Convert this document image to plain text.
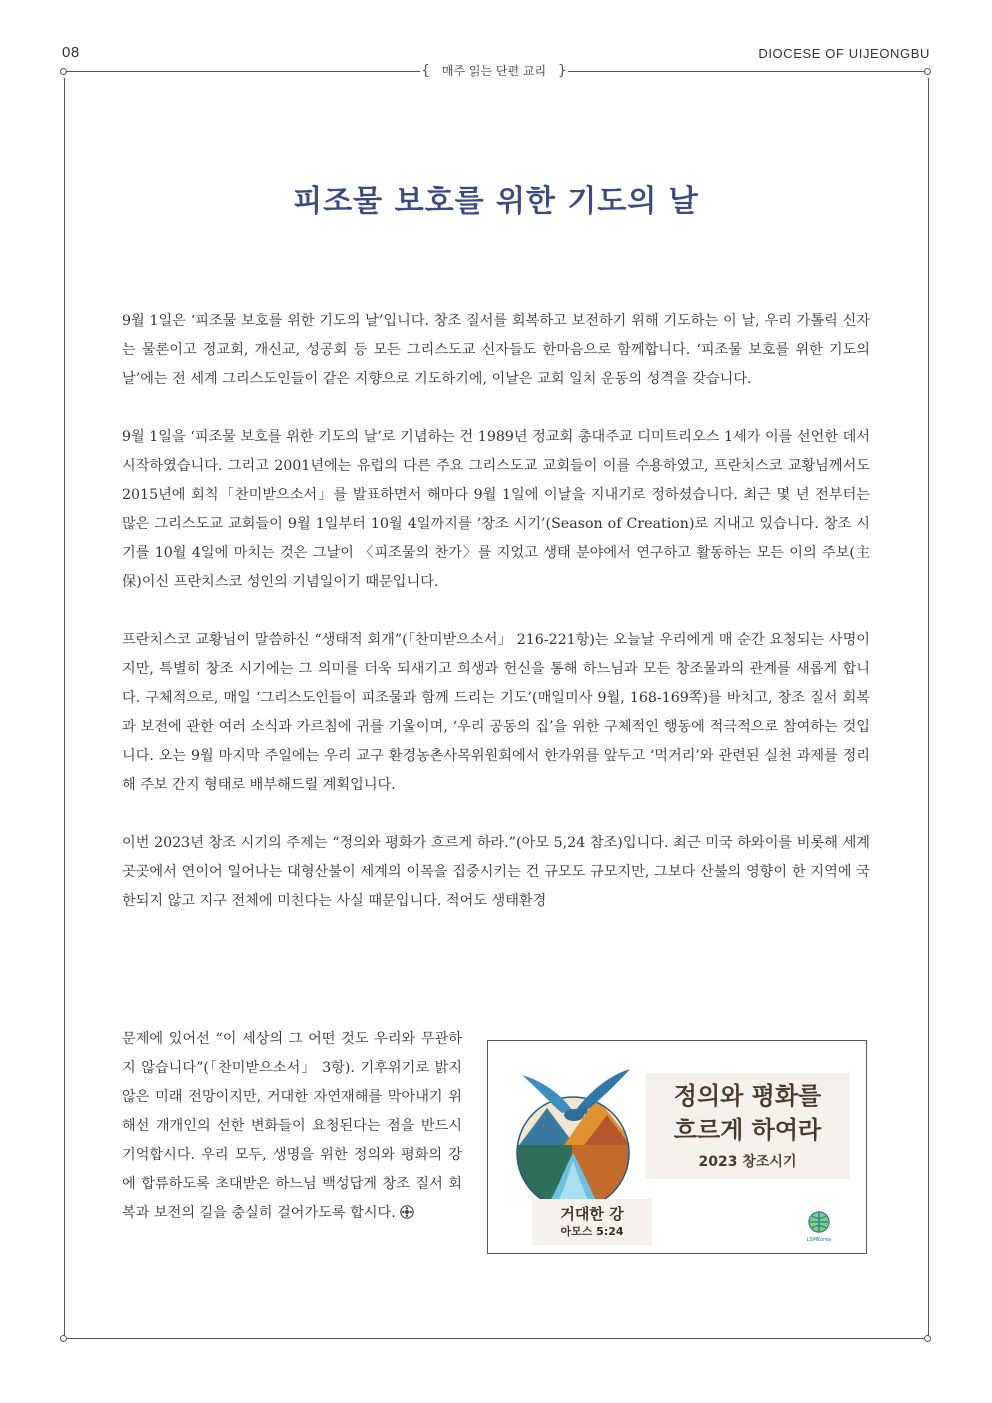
08	DIOCESE OF UIJEONGBU
{ 매주 읽는 단편 교리 }
피조물 보호를 위한 기도의 날

9월 1일은 ‘피조물 보호를 위한 기도의 날’입니다. 창조 질서를 회복하고 보전하기 위해 기도하는 이 날, 우리 가톨릭 신자는 물론이고 정교회, 개신교, 성공회 등 모든 그리스도교 신자들도 한마음으로 함께합니다. ‘피조물 보호를 위한 기도의 날’에는 전 세계 그리스도인들이 같은 지향으로 기도하기에, 이날은 교회 일치 운동의 성격을 갖습니다.

9월 1일을 ‘피조물 보호를 위한 기도의 날’로 기념하는 건 1989년 정교회 총대주교 디미트리오스 1세가 이를 선언한 데서 시작하였습니다. 그리고 2001년에는 유럽의 다른 주요 그리스도교 교회들이 이를 수용하였고, 프란치스코 교황님께서도 2015년에 회칙「찬미받으소서」를 발표하면서 해마다 9월 1일에 이날을 지내기로 정하셨습니다. 최근 몇 년 전부터는 많은 그리스도교 교회들이 9월 1일부터 10월 4일까지를 ‘창조 시기’(Season of Creation)로 지내고 있습니다. 창조 시기를 10월 4일에 마치는 것은 그날이 〈피조물의 찬가〉를 지었고 생태 분야에서 연구하고 활동하는 모든 이의 주보(主保)이신 프란치스코 성인의 기념일이기 때문입니다.

프란치스코 교황님이 말씀하신 “생태적 회개”(「찬미받으소서」 216-221항)는 오늘날 우리에게 매 순간 요청되는 사명이지만, 특별히 창조 시기에는 그 의미를 더욱 되새기고 희생과 헌신을 통해 하느님과 모든 창조물과의 관계를 새롭게 합니다. 구체적으로, 매일 ‘그리스도인들이 피조물과 함께 드리는 기도’(매일미사 9월, 168-169쪽)를 바치고, 창조 질서 회복과 보전에 관한 여러 소식과 가르침에 귀를 기울이며, ‘우리 공동의 집’을 위한 구체적인 행동에 적극적으로 참여하는 것입니다. 오는 9월 마지막 주일에는 우리 교구 환경농촌사목위원회에서 한가위를 앞두고 ‘먹거리’와 관련된 실천 과제를 정리해 주보 간지 형태로 배부해드릴 계획입니다.

이번 2023년 창조 시기의 주제는 “정의와 평화가 흐르게 하라.”(아모 5,24 참조)입니다. 최근 미국 하와이를 비롯해 세계 곳곳에서 연이어 일어나는 대형산불이 세계의 이목을 집중시키는 건 규모도 규모지만, 그보다 산불의 영향이 한 지역에 국한되지 않고 지구 전체에 미친다는 사실 때문입니다. 적어도 생태환경

문제에 있어선 “이 세상의 그 어떤 것도 우리와 무관하지 않습니다”(「찬미받으소서」 3항). 기후위기로 밝지 않은 미래 전망이지만, 거대한 자연재해를 막아내기 위해선 개개인의 선한 변화들이 요청된다는 점을 반드시 기억합시다. 우리 모두, 생명을 위한 정의와 평화의 강에 합류하도록 초대받은 하느님 백성답게 창조 질서 회복과 보전의 길을 충실히 걸어가도록 합시다.
정의와 평화를
흐르게 하여라
2023 창조시기
거대한 강
아모스 5:24
LSMKorea
